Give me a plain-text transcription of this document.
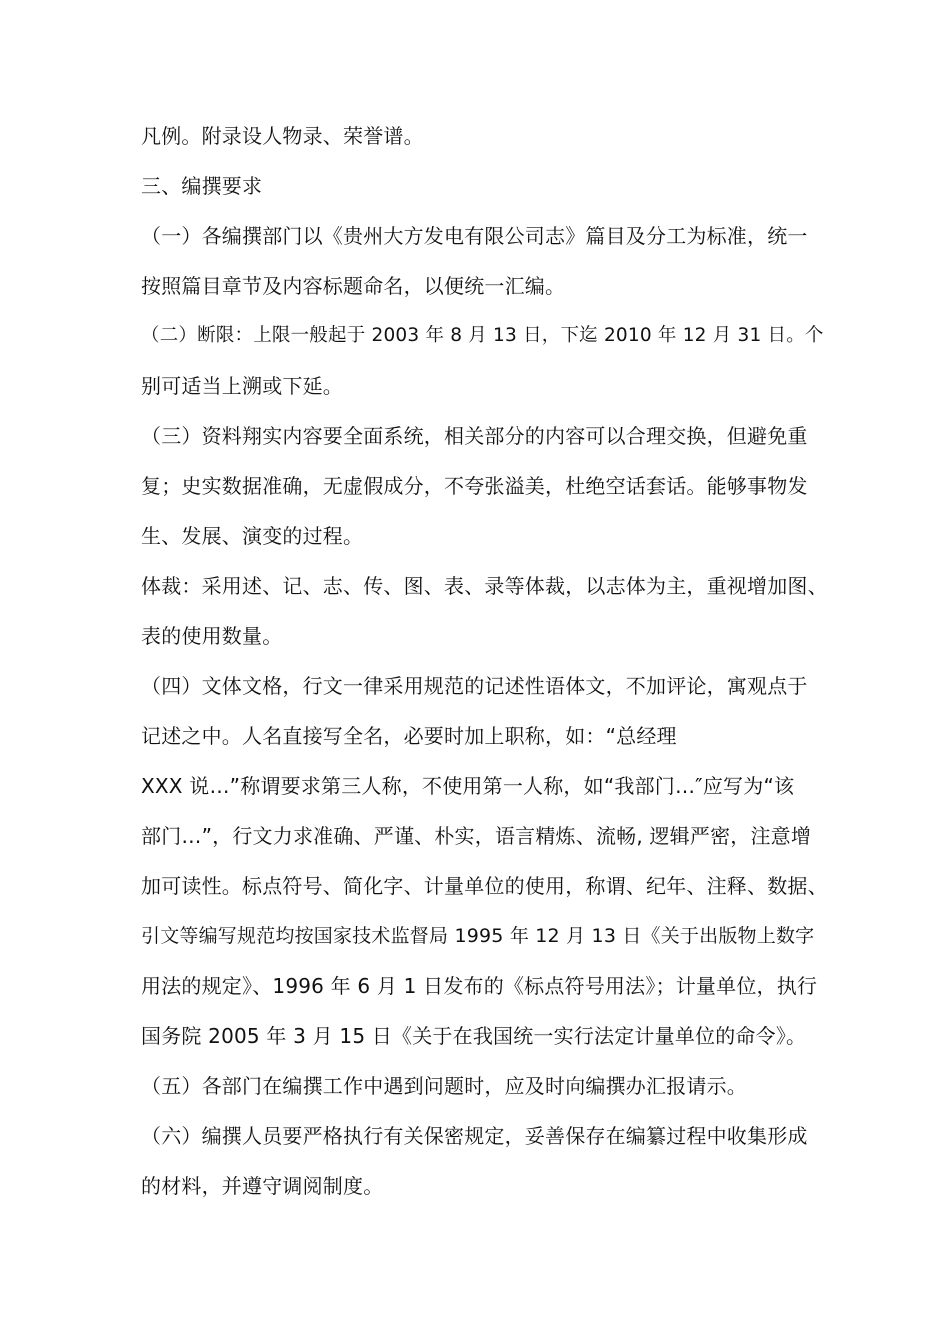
凡例。附录设人物录、荣誉谱。
三、编撰要求
（一）各编撰部门以《贵州大方发电有限公司志》篇目及分工为标准，统一
按照篇目章节及内容标题命名，以便统一汇编。
（二）断限：上限一般起于 2003 年 8 月 13 日，下迄 2010 年 12 月 31 日。个
别可适当上溯或下延。
（三）资料翔实内容要全面系统，相关部分的内容可以合理交换，但避免重
复；史实数据准确，无虚假成分，不夸张溢美，杜绝空话套话。能够事物发
生、发展、演变的过程。
体裁：采用述、记、志、传、图、表、录等体裁，以志体为主，重视增加图、
表的使用数量。
（四）文体文格，行文一律采用规范的记述性语体文，不加评论，寓观点于
记述之中。人名直接写全名，必要时加上职称，如：“总经理
XXX 说…”称谓要求第三人称，不使用第一人称，如“我部门…″应写为“该
部门…”，行文力求准确、严谨、朴实，语言精炼、流畅, 逻辑严密，注意增
加可读性。标点符号、简化字、计量单位的使用，称谓、纪年、注释、数据、
引文等编写规范均按国家技术监督局 1995 年 12 月 13 日《关于出版物上数字
用法的规定》、1996 年 6 月 1 日发布的《标点符号用法》；计量单位，执行
国务院 2005 年 3 月 15 日《关于在我国统一实行法定计量单位的命令》。
（五）各部门在编撰工作中遇到问题时，应及时向编撰办汇报请示。
（六）编撰人员要严格执行有关保密规定，妥善保存在编纂过程中收集形成
的材料，并遵守调阅制度。
